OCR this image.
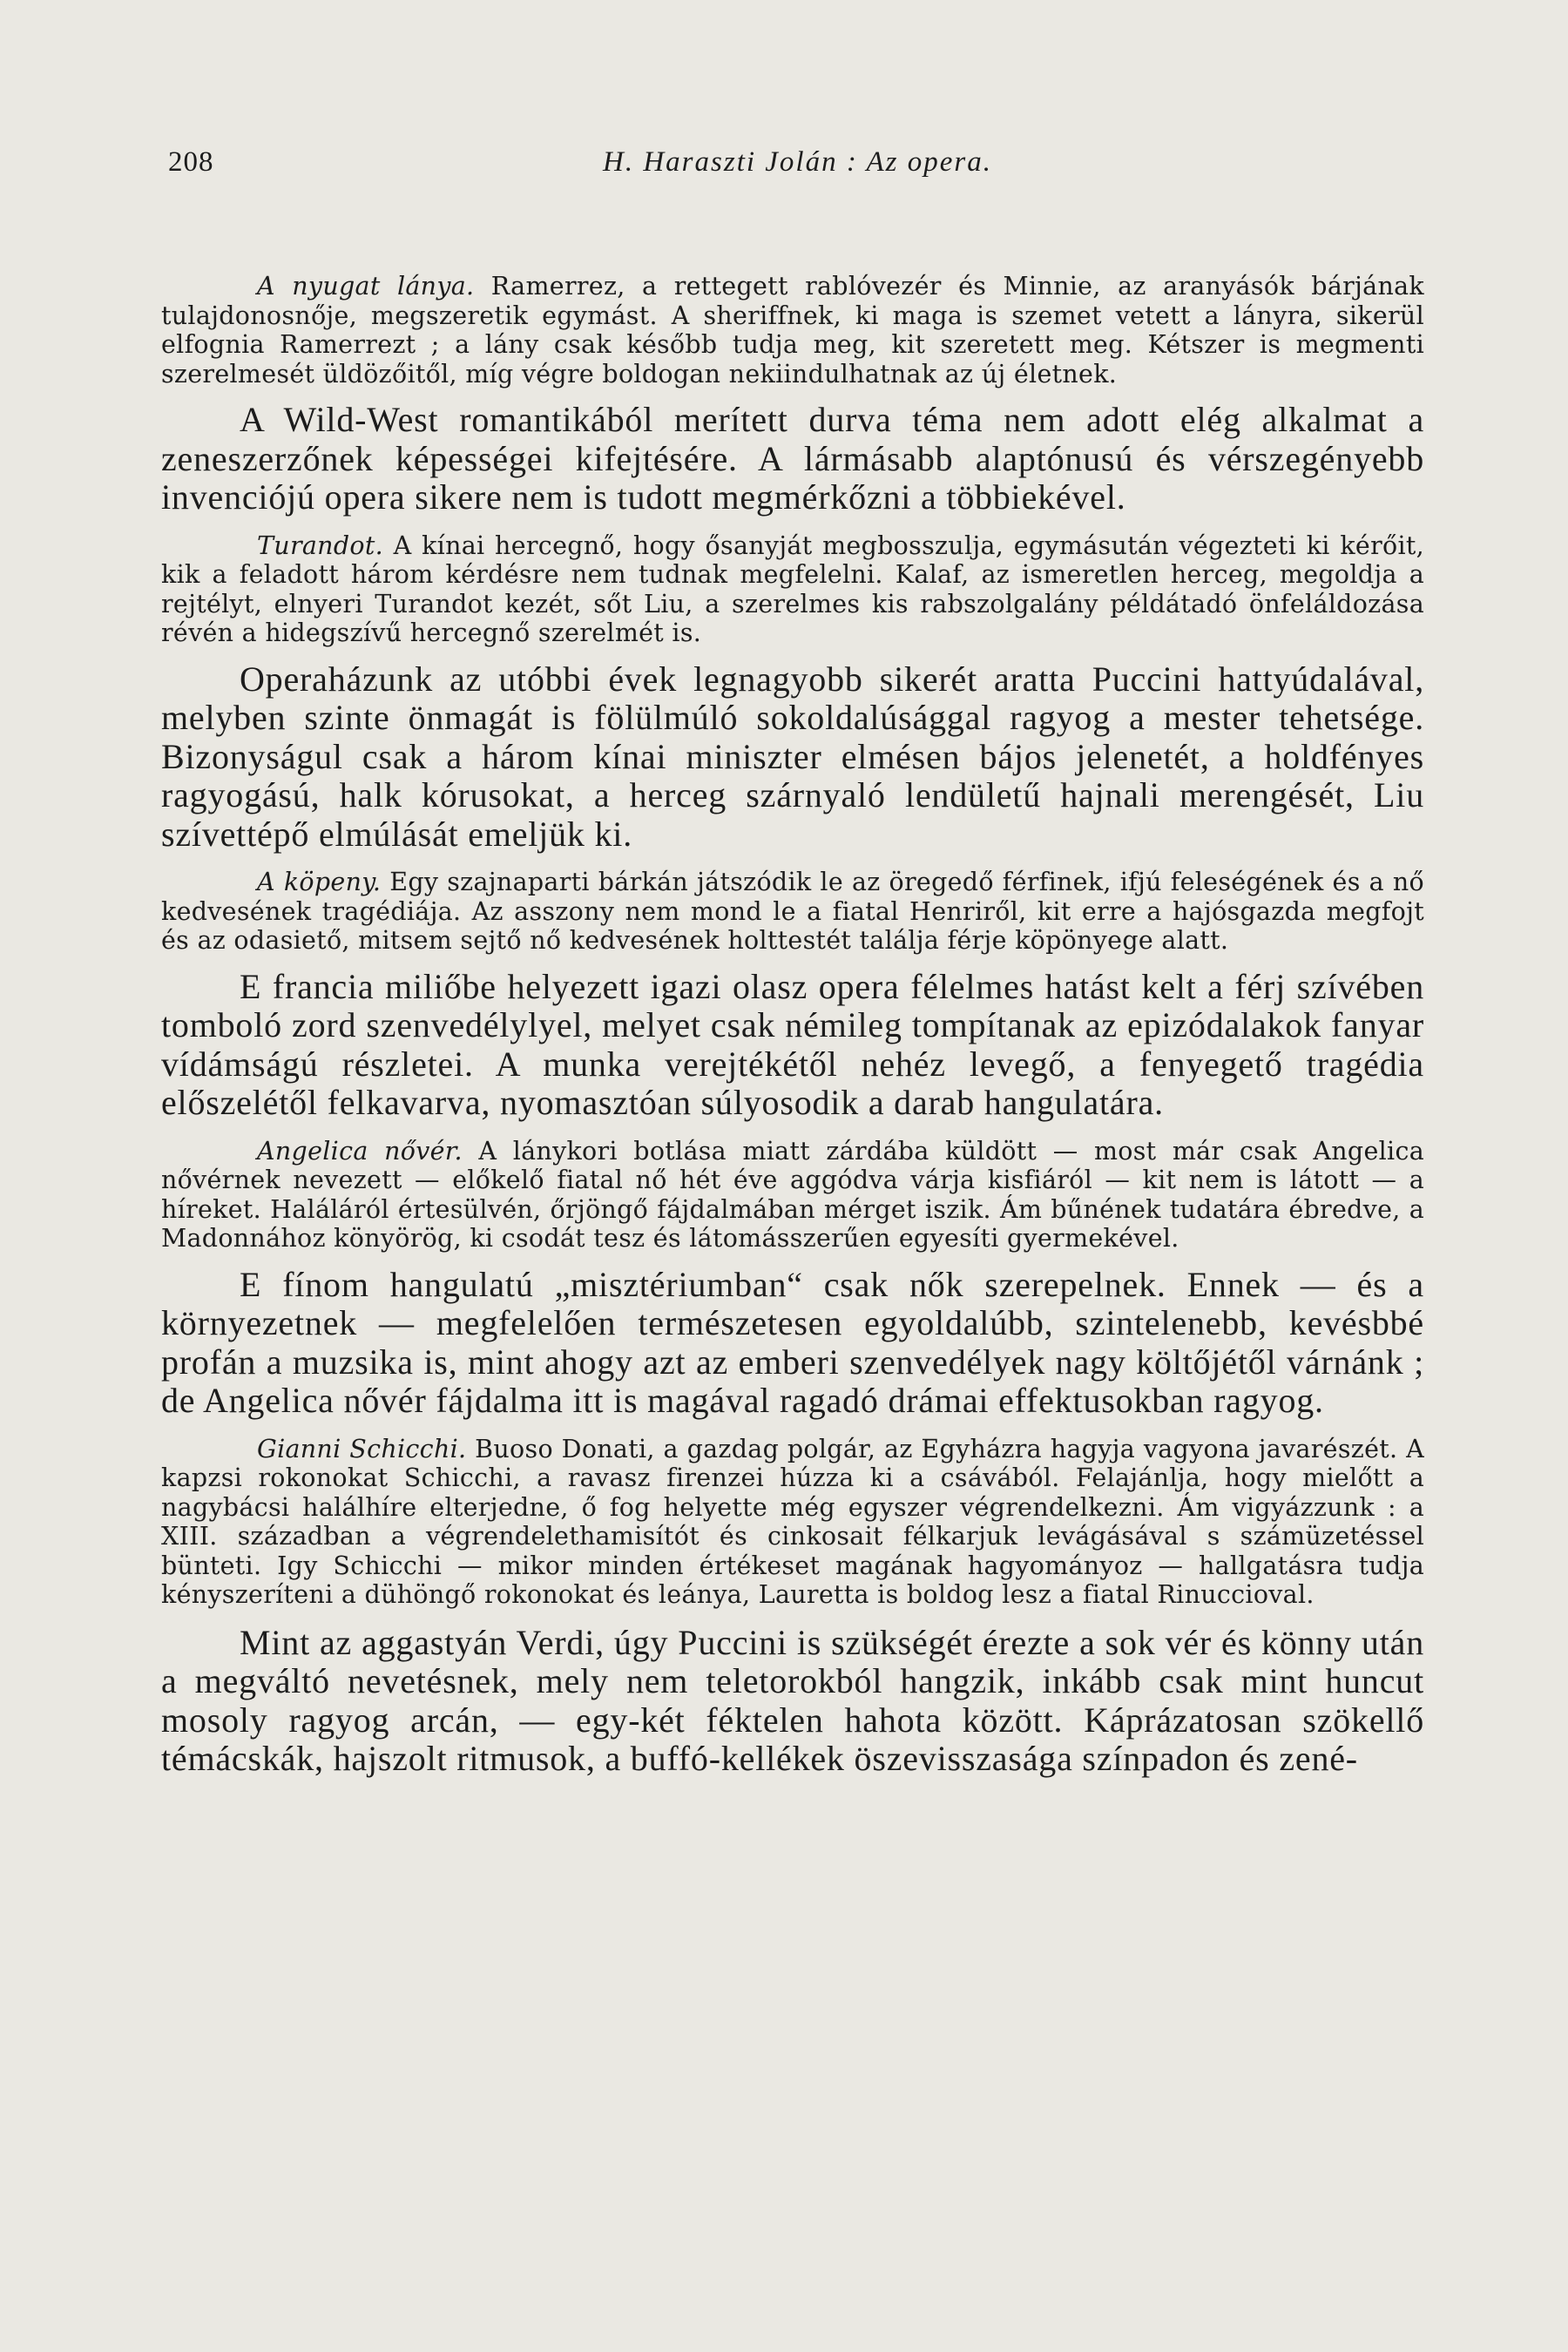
208	H. Haraszti Jolán : Az opera.

A nyugat lánya. Ramerrez, a rettegett rablóvezér és Minnie, az aranyásók bárjának tulajdonosnője, megszeretik egymást. A sheriffnek, ki maga is szemet vetett a lányra, sikerül elfognia Ramerrezt ; a lány csak később tudja meg, kit szeretett meg. Kétszer is megmenti szerelmesét üldözőitől, míg végre boldogan nekiindulhatnak az új életnek.

A Wild-West romantikából merített durva téma nem adott elég alkalmat a zeneszerzőnek képességei kifejtésére. A lármásabb alaptónusú és vérszegényebb invenciójú opera sikere nem is tudott megmérkőzni a többiekével.

Turandot. A kínai hercegnő, hogy ősanyját megbosszulja, egymásután végezteti ki kérőit, kik a feladott három kérdésre nem tudnak megfelelni. Kalaf, az ismeretlen herceg, megoldja a rejtélyt, elnyeri Turandot kezét, sőt Liu, a szerelmes kis rabszolgalány példátadó önfeláldozása révén a hidegszívű hercegnő szerelmét is.

Operaházunk az utóbbi évek legnagyobb sikerét aratta Puccini hattyúdalával, melyben szinte önmagát is fölülmúló sokoldalúsággal ragyog a mester tehetsége. Bizonyságul csak a három kínai miniszter elmésen bájos jelenetét, a holdfényes ragyogású, halk kórusokat, a herceg szárnyaló lendületű hajnali merengését, Liu szívettépő elmúlását emeljük ki.

A köpeny. Egy szajnaparti bárkán játszódik le az öregedő férfinek, ifjú feleségének és a nő kedvesének tragédiája. Az asszony nem mond le a fiatal Henriről, kit erre a hajósgazda megfojt és az odasiető, mitsem sejtő nő kedvesének holttestét találja férje köpönyege alatt.

E francia miliőbe helyezett igazi olasz opera félelmes hatást kelt a férj szívében tomboló zord szenvedélylyel, melyet csak némileg tompítanak az epizódalakok fanyar vídámságú részletei. A munka verejtékétől nehéz levegő, a fenyegető tragédia előszelétől felkavarva, nyomasztóan súlyosodik a darab hangulatára.

Angelica nővér. A lánykori botlása miatt zárdába küldött — most már csak Angelica nővérnek nevezett — előkelő fiatal nő hét éve aggódva várja kisfiáról — kit nem is látott — a híreket. Haláláról értesülvén, őrjöngő fájdalmában mérget iszik. Ám bűnének tudatára ébredve, a Madonnához könyörög, ki csodát tesz és látomásszerűen egyesíti gyermekével.

E fínom hangulatú „misztériumban“ csak nők szerepelnek. Ennek — és a környezetnek — megfelelően természetesen egyoldalúbb, szintelenebb, kevésbbé profán a muzsika is, mint ahogy azt az emberi szenvedélyek nagy költőjétől várnánk ; de Angelica nővér fájdalma itt is magával ragadó drámai effektusokban ragyog.

Gianni Schicchi. Buoso Donati, a gazdag polgár, az Egyházra hagyja vagyona javarészét. A kapzsi rokonokat Schicchi, a ravasz firenzei húzza ki a csávából. Felajánlja, hogy mielőtt a nagybácsi halálhíre elterjedne, ő fog helyette még egyszer végrendelkezni. Ám vigyázzunk : a XIII. században a végrendelethamisítót és cinkosait félkarjuk levágásával s számüzetéssel bünteti. Igy Schicchi — mikor minden értékeset magának hagyományoz — hallgatásra tudja kényszeríteni a dühöngő rokonokat és leánya, Lauretta is boldog lesz a fiatal Rinuccioval.

Mint az aggastyán Verdi, úgy Puccini is szükségét érezte a sok vér és könny után a megváltó nevetésnek, mely nem teletorokból hangzik, inkább csak mint huncut mosoly ragyog arcán, — egy-két féktelen hahota között. Káprázatosan szökellő témácskák, hajszolt ritmusok, a buffó-kellékek öszevisszasága színpadon és zené-
